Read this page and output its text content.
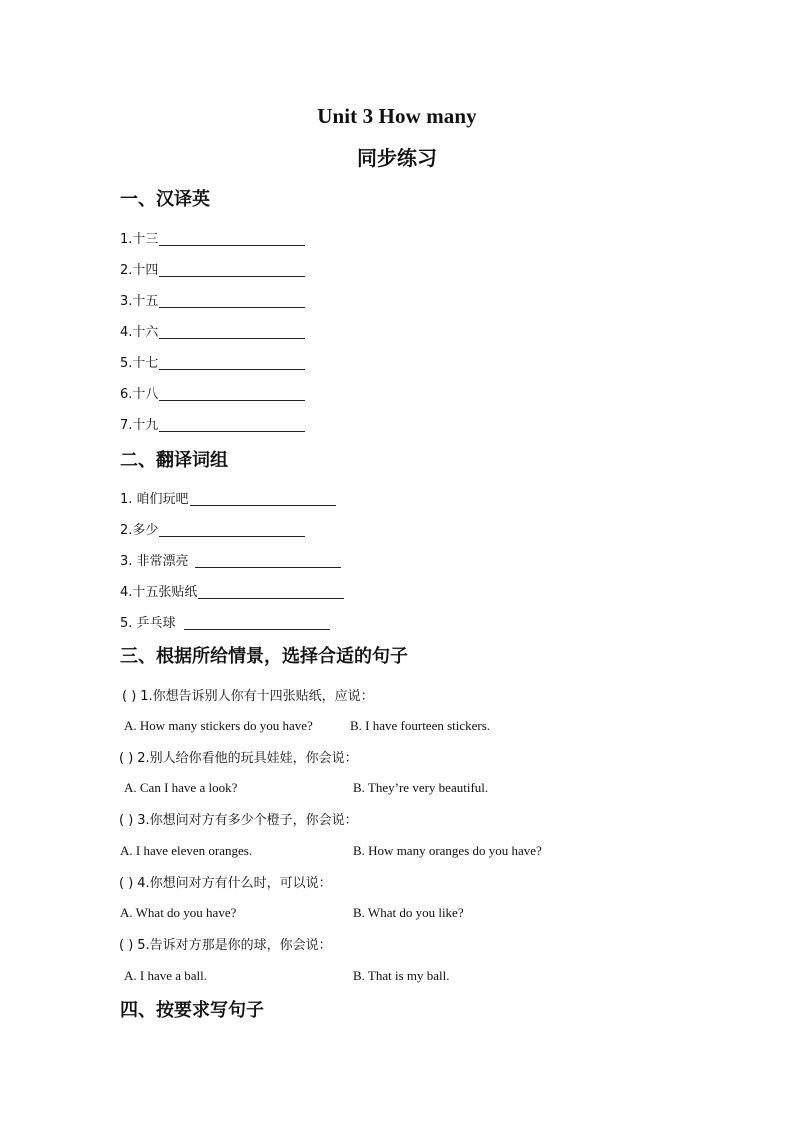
Unit 3 How many
同步练习
一、汉译英
1.十三
2.十四
3.十五
4.十六
5.十七
6.十八
7.十九
二、翻译词组
1. 咱们玩吧
2.多少
3. 非常漂亮
4.十五张贴纸
5. 乒乓球
三、根据所给情景，选择合适的句子
( ) 1.你想告诉别人你有十四张贴纸，应说：
A. How many stickers do you have?	B. I have fourteen stickers.
( ) 2.别人给你看他的玩具娃娃，你会说：
A. Can I have a look?	B. They’re very beautiful.
( ) 3.你想问对方有多少个橙子，你会说：
A. I have eleven oranges.	B. How many oranges do you have?
( ) 4.你想问对方有什么时，可以说：
A. What do you have?	B. What do you like?
( ) 5.告诉对方那是你的球，你会说：
A. I have a ball.	B. That is my ball.
四、按要求写句子
